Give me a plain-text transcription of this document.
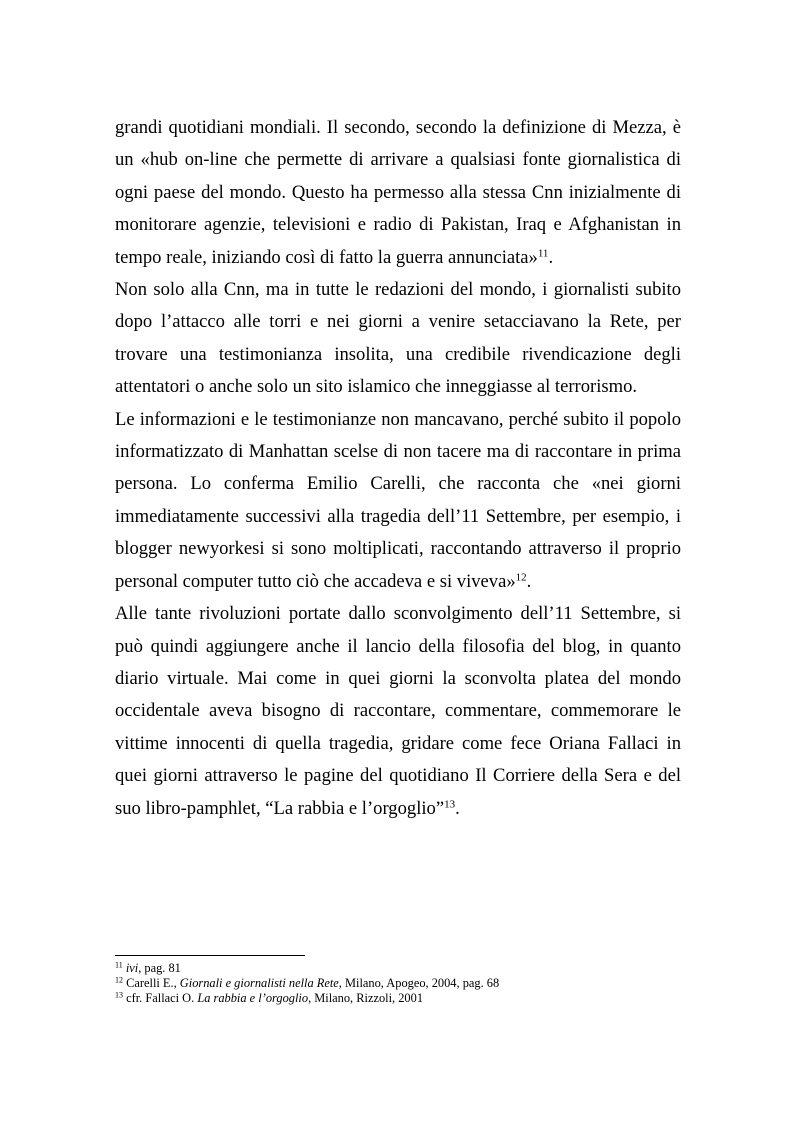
grandi quotidiani mondiali. Il secondo, secondo la definizione di Mezza, è un «hub on-line che permette di arrivare a qualsiasi fonte giornalistica di ogni paese del mondo. Questo ha permesso alla stessa Cnn inizialmente di monitorare agenzie, televisioni e radio di Pakistan, Iraq e Afghanistan in tempo reale, iniziando così di fatto la guerra annunciata»$^{11}$.

Non solo alla Cnn, ma in tutte le redazioni del mondo, i giornalisti subito dopo l’attacco alle torri e nei giorni a venire setacciavano la Rete, per trovare una testimonianza insolita, una credibile rivendicazione degli attentatori o anche solo un sito islamico che inneggiasse al terrorismo.

Le informazioni e le testimonianze non mancavano, perché subito il popolo informatizzato di Manhattan scelse di non tacere ma di raccontare in prima persona. Lo conferma Emilio Carelli, che racconta che «nei giorni immediatamente successivi alla tragedia dell’11 Settembre, per esempio, i blogger newyorkesi si sono moltiplicati, raccontando attraverso il proprio personal computer tutto ciò che accadeva e si viveva»$^{12}$.

Alle tante rivoluzioni portate dallo sconvolgimento dell’11 Settembre, si può quindi aggiungere anche il lancio della filosofia del blog, in quanto diario virtuale. Mai come in quei giorni la sconvolta platea del mondo occidentale aveva bisogno di raccontare, commentare, commemorare le vittime innocenti di quella tragedia, gridare come fece Oriana Fallaci in quei giorni attraverso le pagine del quotidiano Il Corriere della Sera e del suo libro-pamphlet, “La rabbia e l’orgoglio”$^{13}$.

$^{11}$ ivi, pag. 81

$^{12}$ Carelli E., Giornali e giornalisti nella Rete, Milano, Apogeo, 2004, pag. 68

$^{13}$ cfr. Fallaci O. La rabbia e l’orgoglio, Milano, Rizzoli, 2001
